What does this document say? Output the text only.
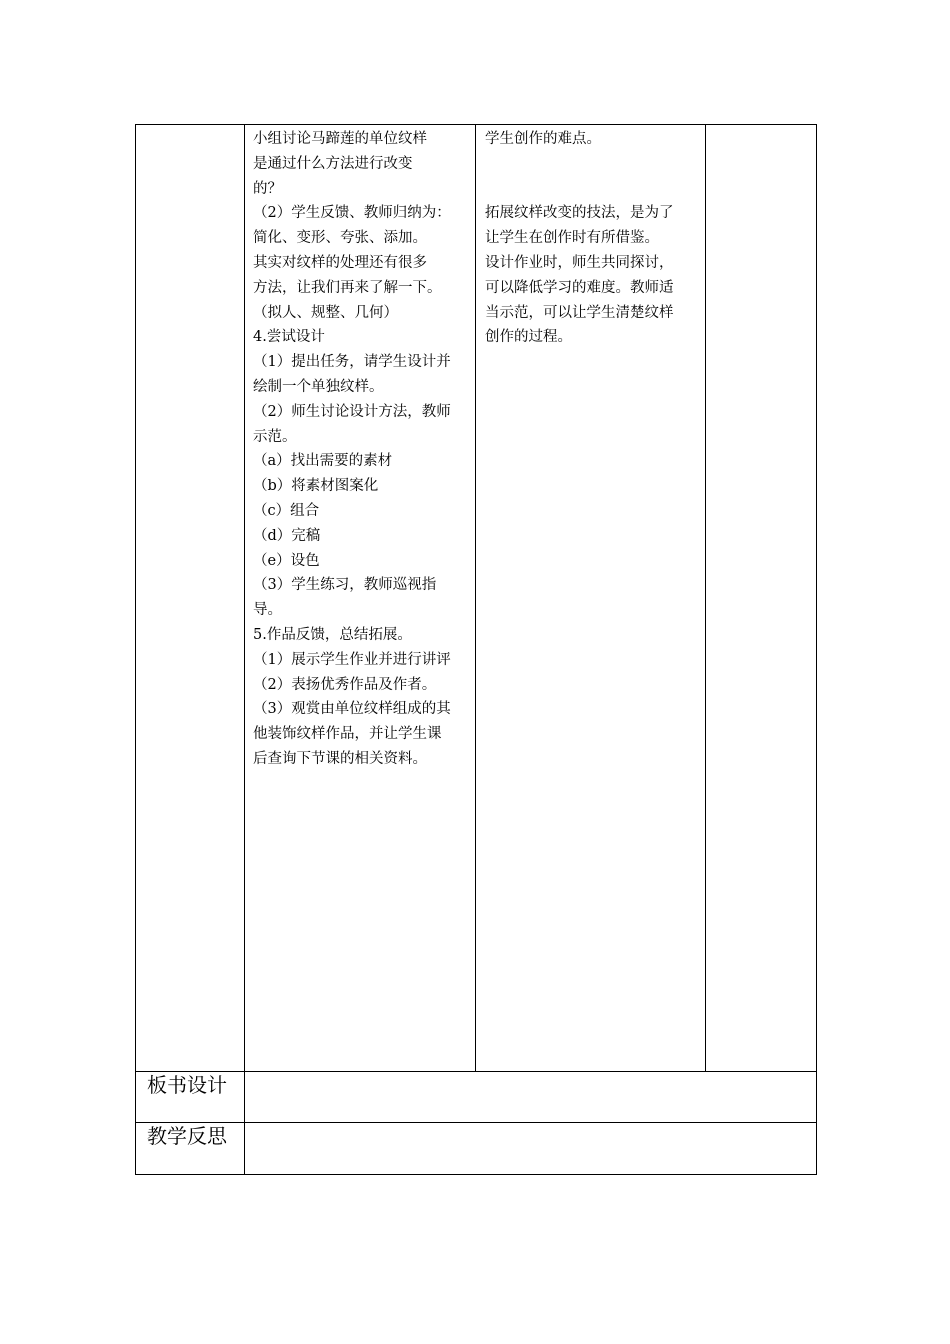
小组讨论马蹄莲的单位纹样
是通过什么方法进行改变
的？
（2）学生反馈、教师归纳为：
简化、变形、夸张、添加。
其实对纹样的处理还有很多
方法，让我们再来了解一下。
（拟人、规整、几何）
4.尝试设计
（1）提出任务，请学生设计并
绘制一个单独纹样。
（2）师生讨论设计方法，教师
示范。
（a）找出需要的素材
（b）将素材图案化
（c）组合
（d）完稿
（e）设色
（3）学生练习，教师巡视指
导。
5.作品反馈，总结拓展。
（1）展示学生作业并进行讲评
（2）表扬优秀作品及作者。
（3）观赏由单位纹样组成的其
他装饰纹样作品，并让学生课
后查询下节课的相关资料。
学生创作的难点。
拓展纹样改变的技法，是为了
让学生在创作时有所借鉴。
设计作业时，师生共同探讨，
可以降低学习的难度。教师适
当示范，可以让学生清楚纹样
创作的过程。
板书设计
教学反思
